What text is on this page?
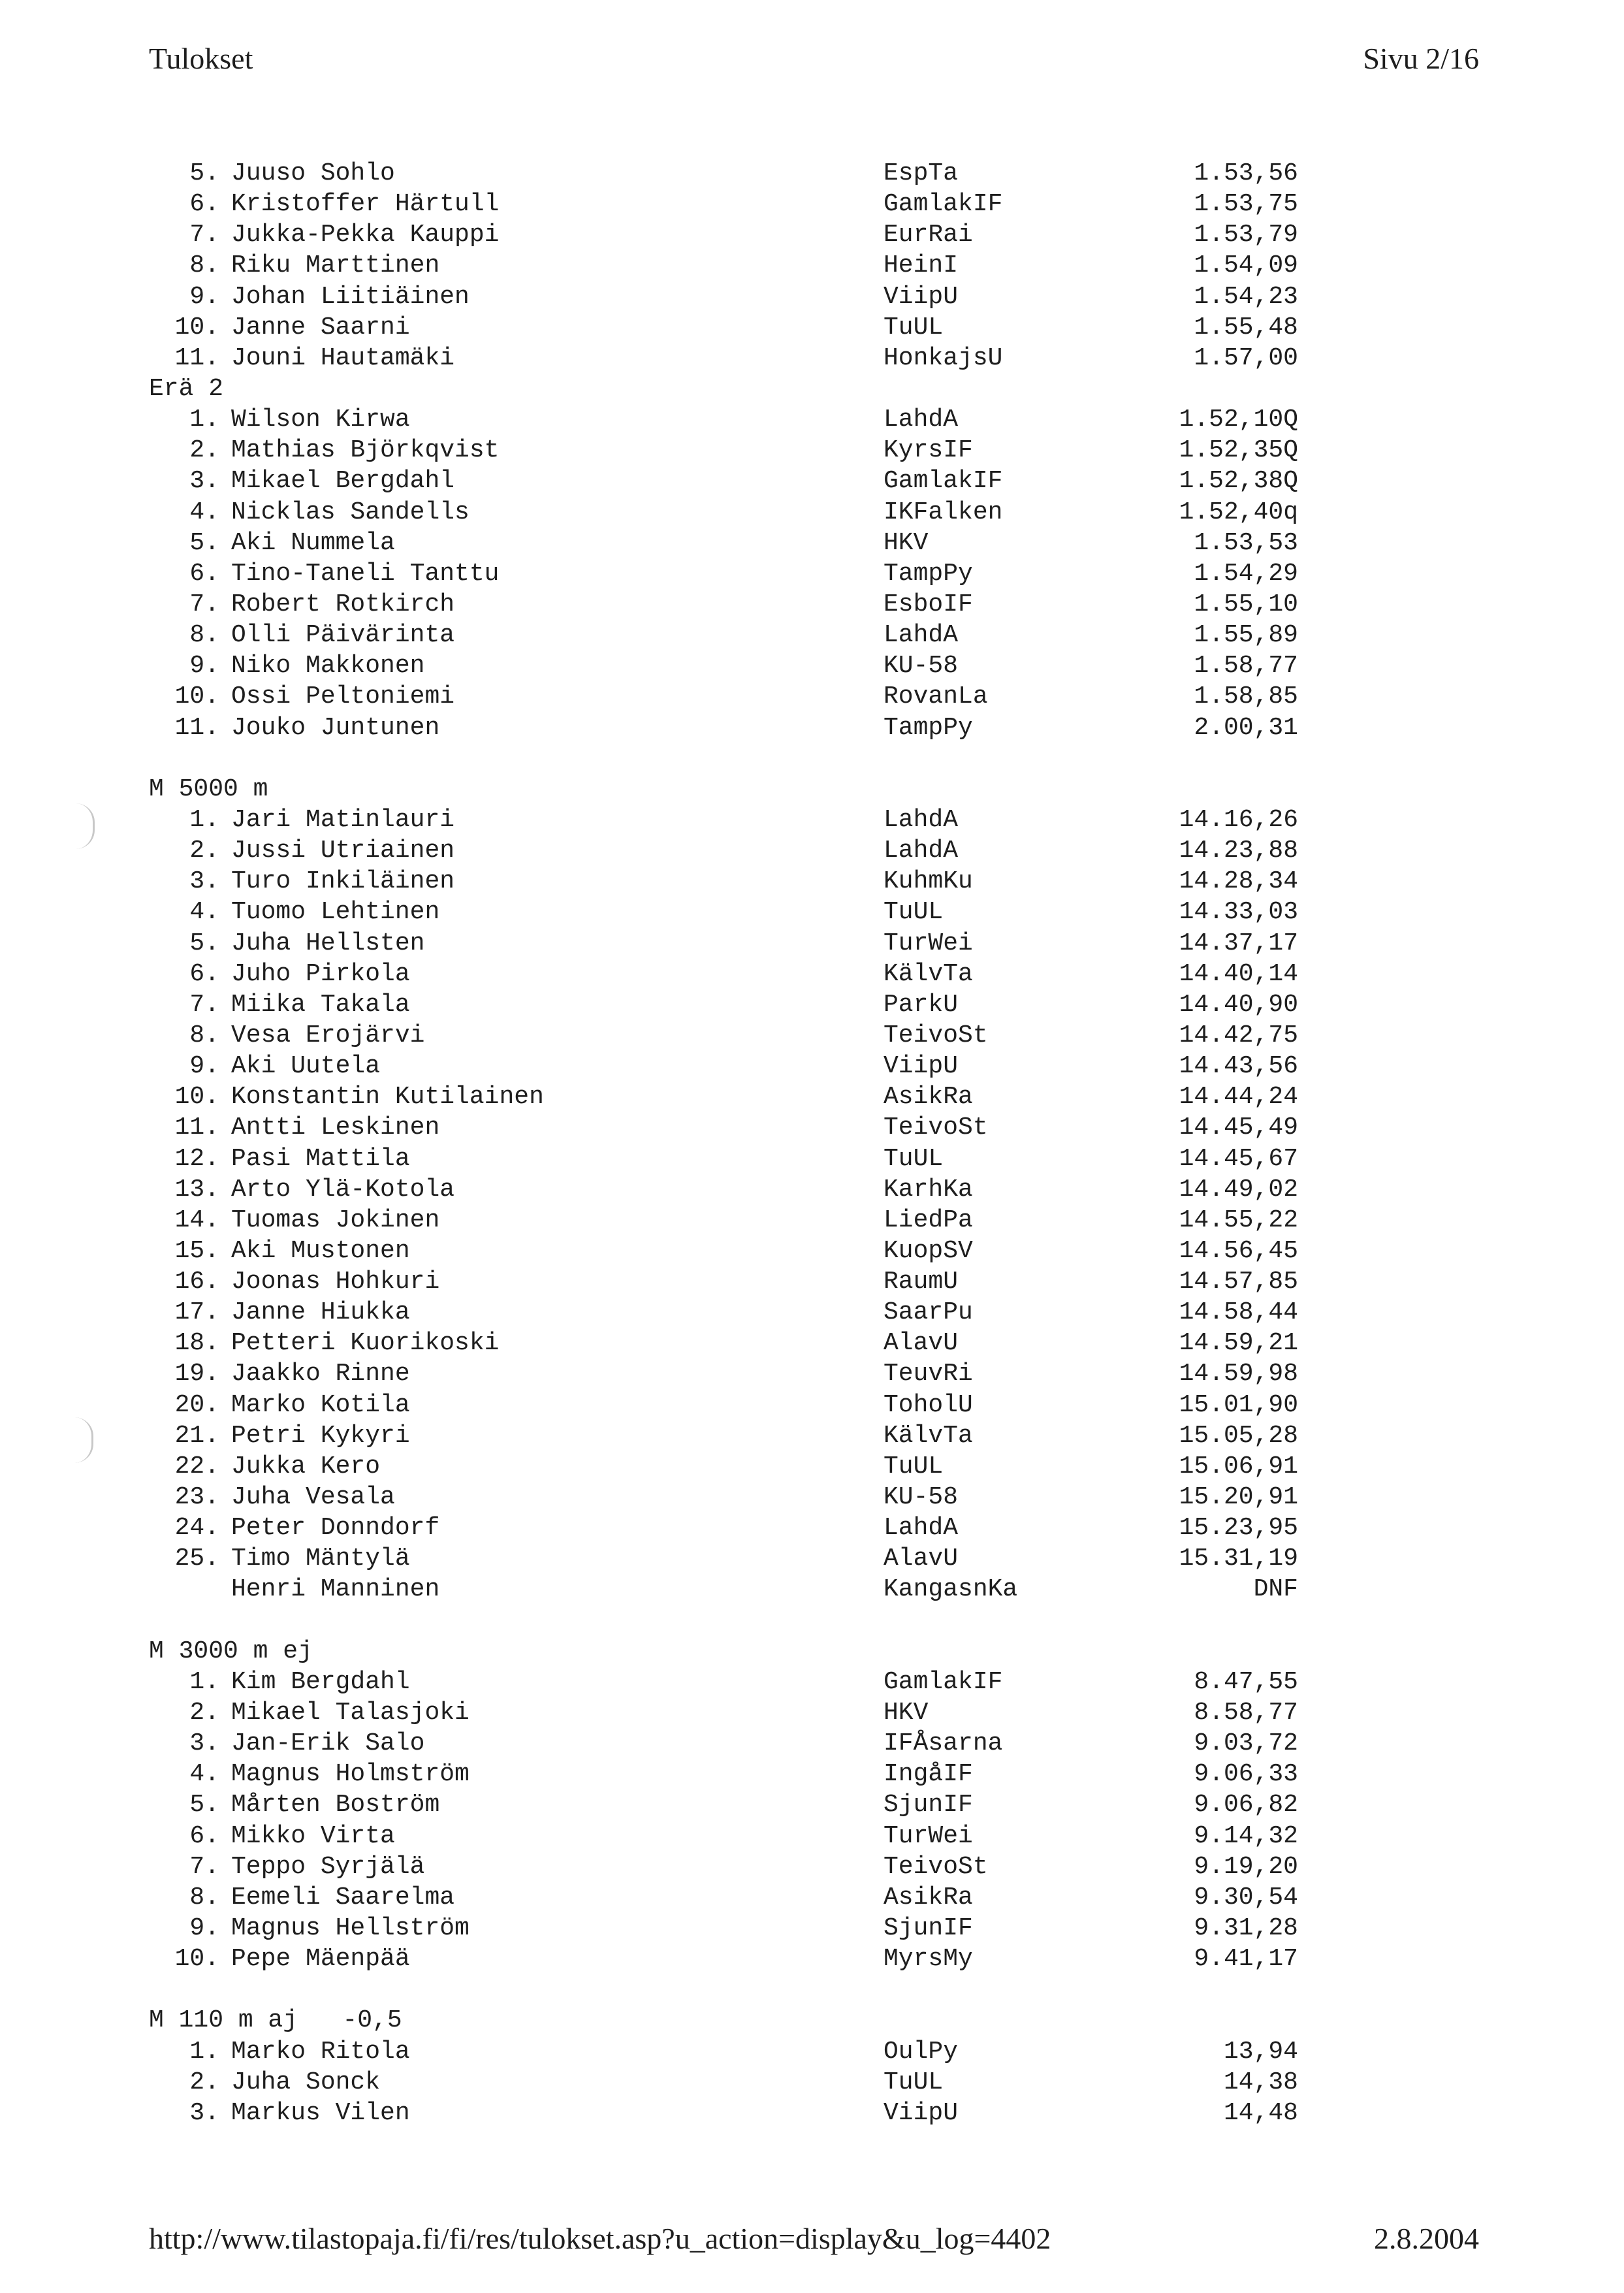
Tulokset	Sivu 2/16
5. Juuso Sohlo	EspTa	1.53,56
6. Kristoffer Härtull	GamlakIF	1.53,75
7. Jukka-Pekka Kauppi	EurRai	1.53,79
8. Riku Marttinen	HeinI	1.54,09
9. Johan Liitiäinen	ViipU	1.54,23
10. Janne Saarni	TuUL	1.55,48
11. Jouni Hautamäki	HonkajsU	1.57,00
Erä 2
1. Wilson Kirwa	LahdA	1.52,10Q
2. Mathias Björkqvist	KyrsIF	1.52,35Q
3. Mikael Bergdahl	GamlakIF	1.52,38Q
4. Nicklas Sandells	IKFalken	1.52,40q
5. Aki Nummela	HKV	1.53,53
6. Tino-Taneli Tanttu	TampPy	1.54,29
7. Robert Rotkirch	EsboIF	1.55,10
8. Olli Päivärinta	LahdA	1.55,89
9. Niko Makkonen	KU-58	1.58,77
10. Ossi Peltoniemi	RovanLa	1.58,85
11. Jouko Juntunen	TampPy	2.00,31
M 5000 m
1. Jari Matinlauri	LahdA	14.16,26
2. Jussi Utriainen	LahdA	14.23,88
3. Turo Inkiläinen	KuhmKu	14.28,34
4. Tuomo Lehtinen	TuUL	14.33,03
5. Juha Hellsten	TurWei	14.37,17
6. Juho Pirkola	KälvTa	14.40,14
7. Miika Takala	ParkU	14.40,90
8. Vesa Erojärvi	TeivoSt	14.42,75
9. Aki Uutela	ViipU	14.43,56
10. Konstantin Kutilainen	AsikRa	14.44,24
11. Antti Leskinen	TeivoSt	14.45,49
12. Pasi Mattila	TuUL	14.45,67
13. Arto Ylä-Kotola	KarhKa	14.49,02
14. Tuomas Jokinen	LiedPa	14.55,22
15. Aki Mustonen	KuopSV	14.56,45
16. Joonas Hohkuri	RaumU	14.57,85
17. Janne Hiukka	SaarPu	14.58,44
18. Petteri Kuorikoski	AlavU	14.59,21
19. Jaakko Rinne	TeuvRi	14.59,98
20. Marko Kotila	ToholU	15.01,90
21. Petri Kykyri	KälvTa	15.05,28
22. Jukka Kero	TuUL	15.06,91
23. Juha Vesala	KU-58	15.20,91
24. Peter Donndorf	LahdA	15.23,95
25. Timo Mäntylä	AlavU	15.31,19
Henri Manninen	KangasnKa	DNF
M 3000 m ej
1. Kim Bergdahl	GamlakIF	8.47,55
2. Mikael Talasjoki	HKV	8.58,77
3. Jan-Erik Salo	IFÅsarna	9.03,72
4. Magnus Holmström	IngåIF	9.06,33
5. Mårten Boström	SjunIF	9.06,82
6. Mikko Virta	TurWei	9.14,32
7. Teppo Syrjälä	TeivoSt	9.19,20
8. Eemeli Saarelma	AsikRa	9.30,54
9. Magnus Hellström	SjunIF	9.31,28
10. Pepe Mäenpää	MyrsMy	9.41,17
M 110 m aj   -0,5
1. Marko Ritola	OulPy	13,94
2. Juha Sonck	TuUL	14,38
3. Markus Vilen	ViipU	14,48
http://www.tilastopaja.fi/fi/res/tulokset.asp?u_action=display&u_log=4402	2.8.2004
